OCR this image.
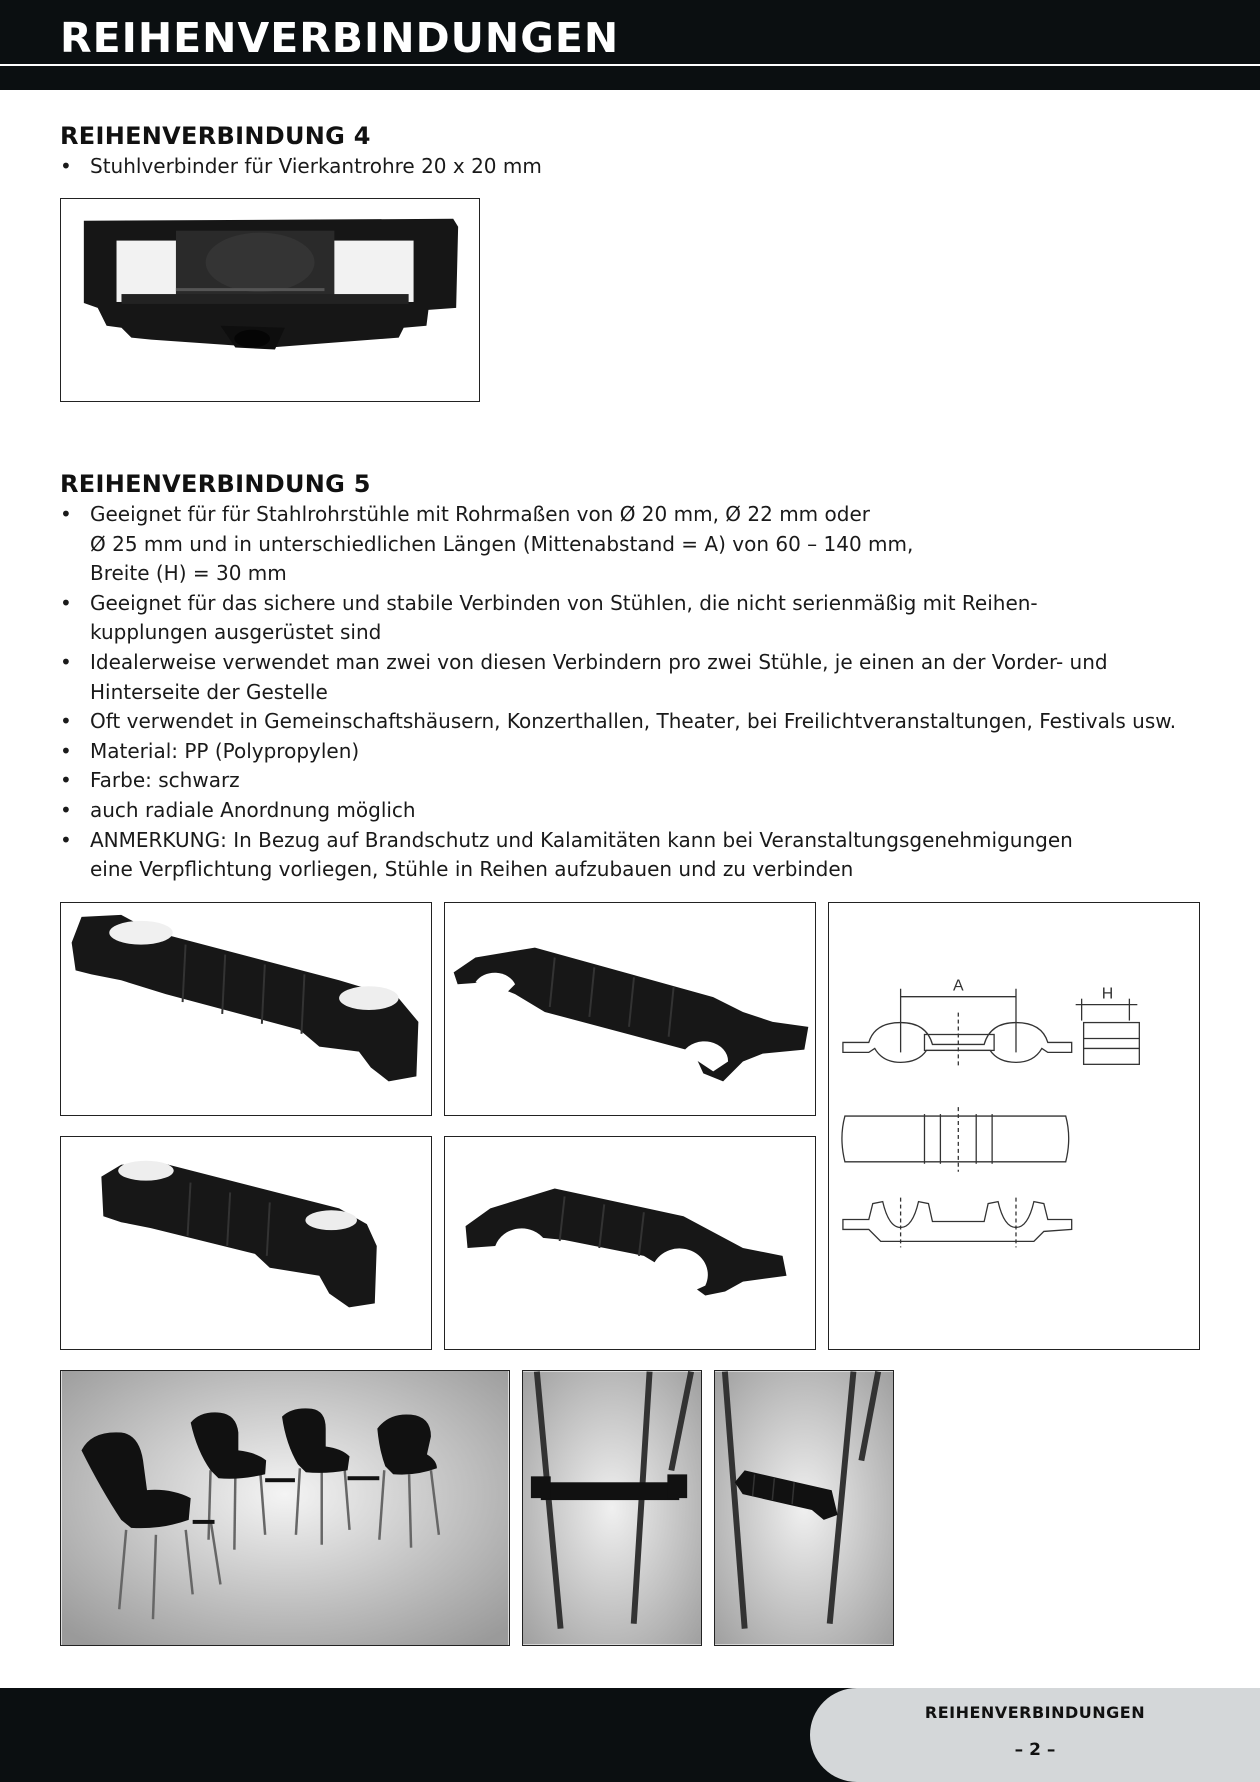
REIHENVERBINDUNGEN
REIHENVERBINDUNG 4
• Stuhlverbinder für Vierkantrohre 20 x 20 mm
REIHENVERBINDUNG 5
• Geeignet für für Stahlrohrstühle mit Rohrmaßen von Ø 20 mm, Ø 22 mm oder
Ø 25 mm und in unterschiedlichen Längen (Mittenabstand = A) von 60 – 140 mm,
Breite (H) = 30 mm
• Geeignet für das sichere und stabile Verbinden von Stühlen, die nicht serienmäßig mit Reihen-
kupplungen ausgerüstet sind
• Idealerweise verwendet man zwei von diesen Verbindern pro zwei Stühle, je einen an der Vorder- und
Hinterseite der Gestelle
• Oft verwendet in Gemeinschaftshäusern, Konzerthallen, Theater, bei Freilichtveranstaltungen, Festivals usw.
• Material: PP (Polypropylen)
• Farbe: schwarz
• auch radiale Anordnung möglich
• ANMERKUNG: In Bezug auf Brandschutz und Kalamitäten kann bei Veranstaltungsgenehmigungen
eine Verpflichtung vorliegen, Stühle in Reihen aufzubauen und zu verbinden
A	H
REIHENVERBINDUNGEN
– 2 –
